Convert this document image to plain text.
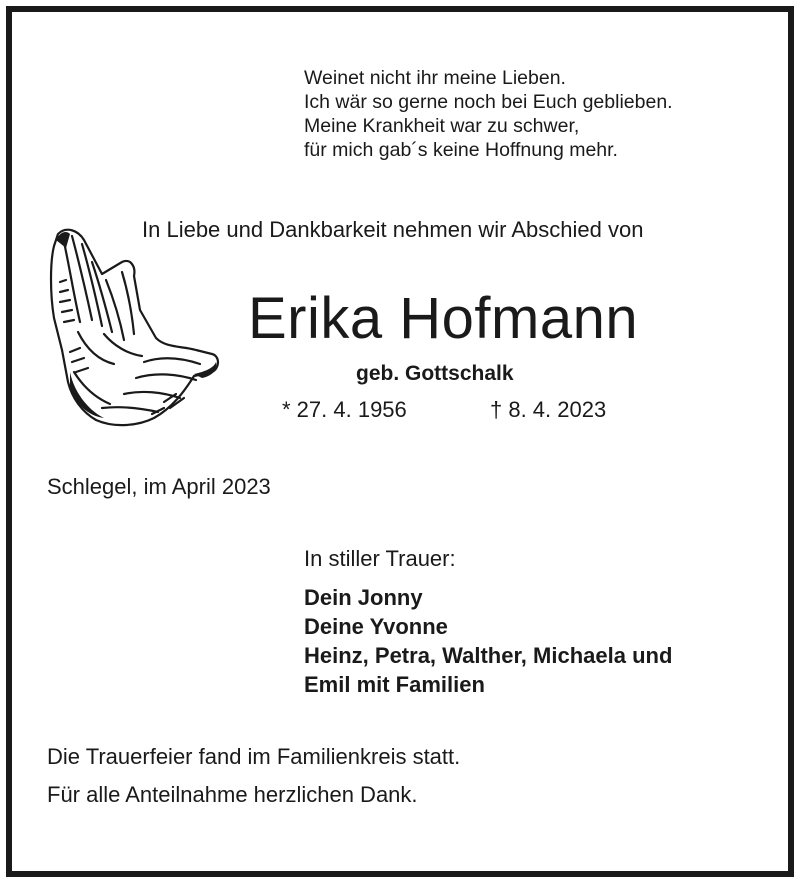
Weinet nicht ihr meine Lieben.
Ich wär so gerne noch bei Euch geblieben.
Meine Krankheit war zu schwer,
für mich gab´s keine Hoffnung mehr.
In Liebe und Dankbarkeit nehmen wir Abschied von
Erika Hofmann
geb. Gottschalk
* 27. 4. 1956	† 8. 4. 2023
Schlegel, im April 2023
In stiller Trauer:
Dein Jonny
Deine Yvonne
Heinz, Petra, Walther, Michaela und
Emil mit Familien
Die Trauerfeier fand im Familienkreis statt.
Für alle Anteilnahme herzlichen Dank.
